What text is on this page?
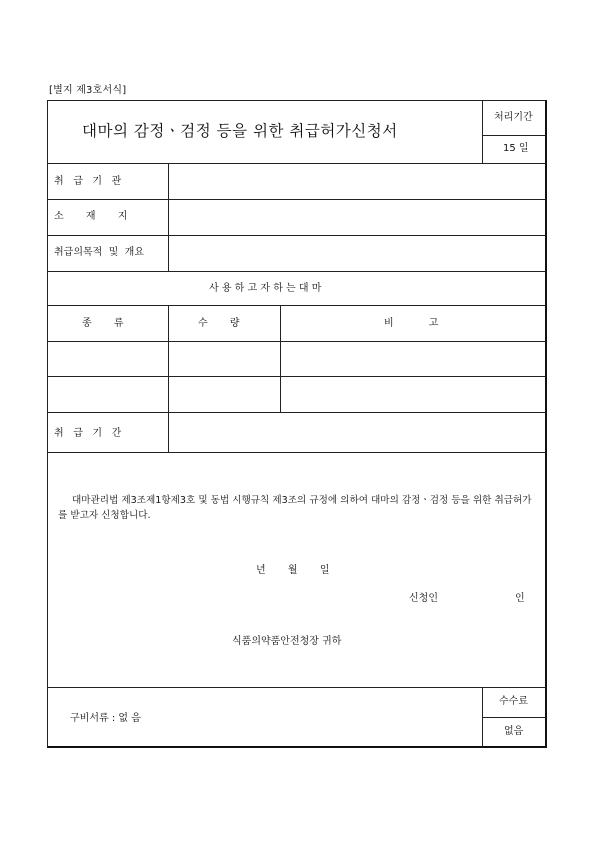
[별지 제3호서식]
대마의 감정ㆍ검정 등을 위한 취급허가신청서
처리기간
15 일
취   급   기   관
소       재       지
취급의목적  및  개요
사 용 하 고 자 하 는 대 마
종       류	수       량	비           고
취   급   기   간
대마관리법 제3조제1항제3호 및 동법 시행규칙 제3조의 규정에 의하여 대마의 감정ㆍ검정 등을 위한 취급허가를 받고자 신청합니다.
년       월       일
신청인	인
식품의약품안전청장 귀하
구비서류 : 없 음
수수료
없음
